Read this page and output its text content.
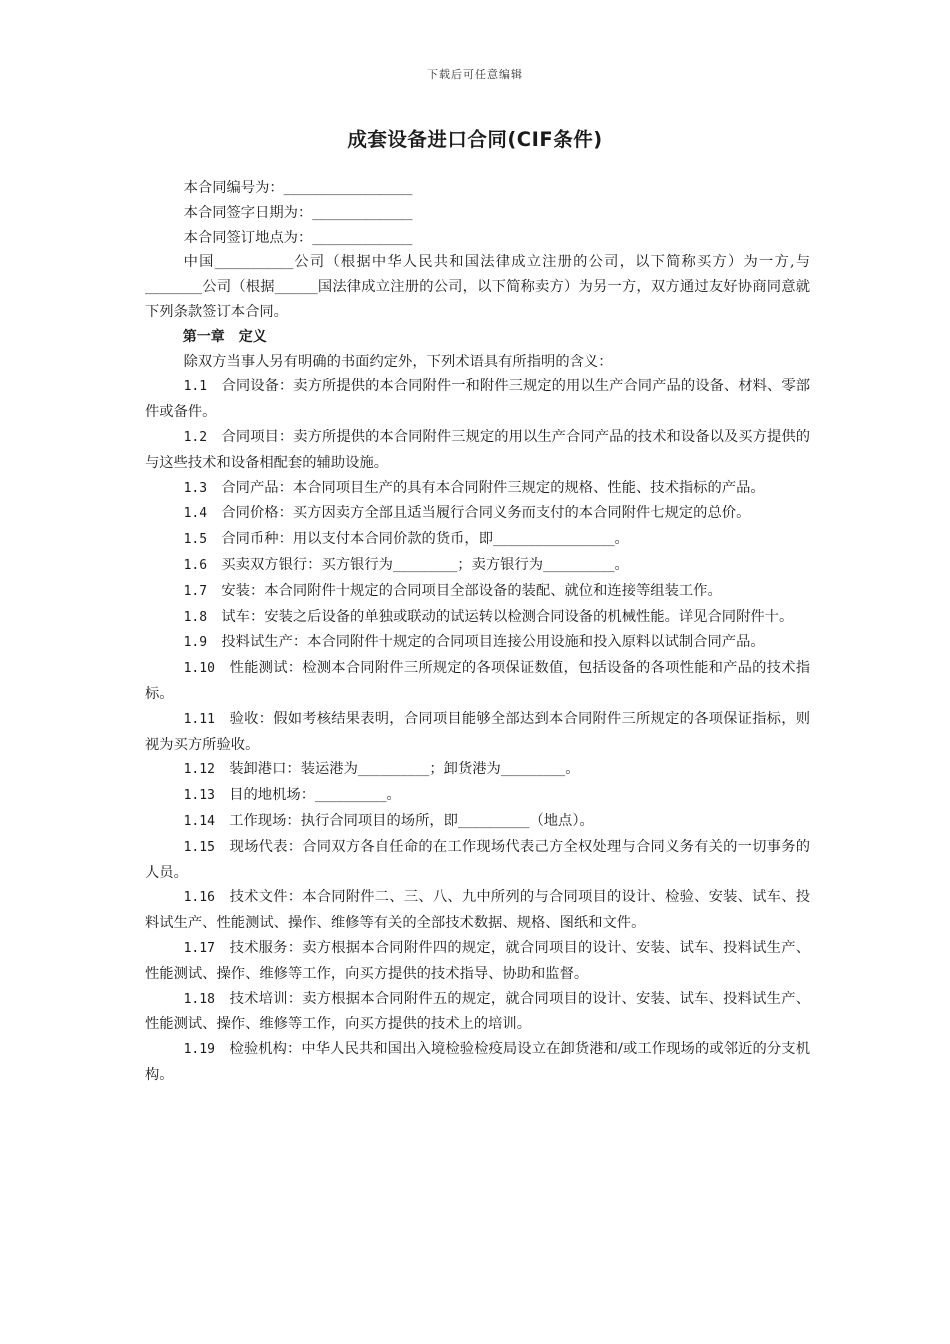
下载后可任意编辑
成套设备进口合同(CIF条件)

本合同编号为：__________________

本合同签字日期为：______________

本合同签订地点为：______________

中国___________公司（根据中华人民共和国法律成立注册的公司，以下简称买方）为一方,与________公司（根据______国法律成立注册的公司，以下简称卖方）为另一方，双方通过友好协商同意就下列条款签订本合同。

第一章　定义

除双方当事人另有明确的书面约定外，下列术语具有所指明的含义：

1.1　 合同设备：卖方所提供的本合同附件一和附件三规定的用以生产合同产品的设备、材料、零部件或备件。

1.2　 合同项目：卖方所提供的本合同附件三规定的用以生产合同产品的技术和设备以及买方提供的与这些技术和设备相配套的辅助设施。

1.3　 合同产品：本合同项目生产的具有本合同附件三规定的规格、性能、技术指标的产品。

1.4　 合同价格：买方因卖方全部且适当履行合同义务而支付的本合同附件七规定的总价。

1.5　 合同币种：用以支付本合同价款的货币，即_________________。

1.6　 买卖双方银行：买方银行为_________；卖方银行为__________。

1.7　 安装：本合同附件十规定的合同项目全部设备的装配、就位和连接等组装工作。

1.8　 试车：安装之后设备的单独或联动的试运转以检测合同设备的机械性能。详见合同附件十。

1.9　 投料试生产：本合同附件十规定的合同项目连接公用设施和投入原料以试制合同产品。

1.10　 性能测试：检测本合同附件三所规定的各项保证数值，包括设备的各项性能和产品的技术指标。

1.11　 验收：假如考核结果表明，合同项目能够全部达到本合同附件三所规定的各项保证指标，则视为买方所验收。

1.12　 装卸港口：装运港为__________；卸货港为_________。

1.13　 目的地机场：__________。

1.14　 工作现场：执行合同项目的场所，即__________（地点）。

1.15　 现场代表：合同双方各自任命的在工作现场代表己方全权处理与合同义务有关的一切事务的人员。

1.16　 技术文件：本合同附件二、三、八、九中所列的与合同项目的设计、检验、安装、试车、投料试生产、性能测试、操作、维修等有关的全部技术数据、规格、图纸和文件。

1.17　 技术服务：卖方根据本合同附件四的规定，就合同项目的设计、安装、试车、投料试生产、性能测试、操作、维修等工作，向买方提供的技术指导、协助和监督。

1.18　 技术培训：卖方根据本合同附件五的规定，就合同项目的设计、安装、试车、投料试生产、性能测试、操作、维修等工作，向买方提供的技术上的培训。

1.19　 检验机构：中华人民共和国出入境检验检疫局设立在卸货港和/或工作现场的或邻近的分支机构。
